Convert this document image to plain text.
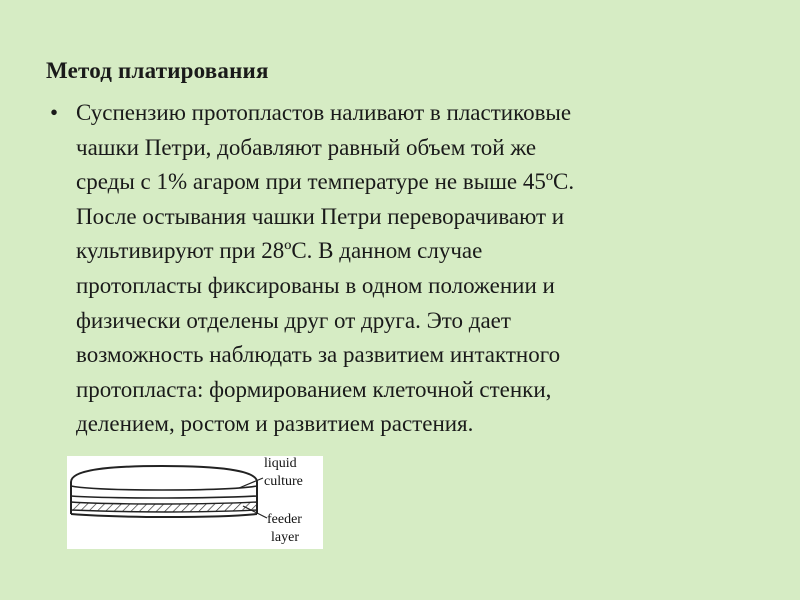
Метод платирования
• Суспензию протопластов наливают в пластиковые
чашки Петри, добавляют равный объем той же
среды с 1% агаром при температуре не выше 45ºC.
После остывания чашки Петри переворачивают и
культивируют при 28ºC. В данном случае
протопласты фиксированы в одном положении и
физически отделены друг от друга. Это дает
возможность наблюдать за развитием интактного
протопласта: формированием клеточной стенки,
делением, ростом и развитием растения.
liquid
culture
feeder
layer
